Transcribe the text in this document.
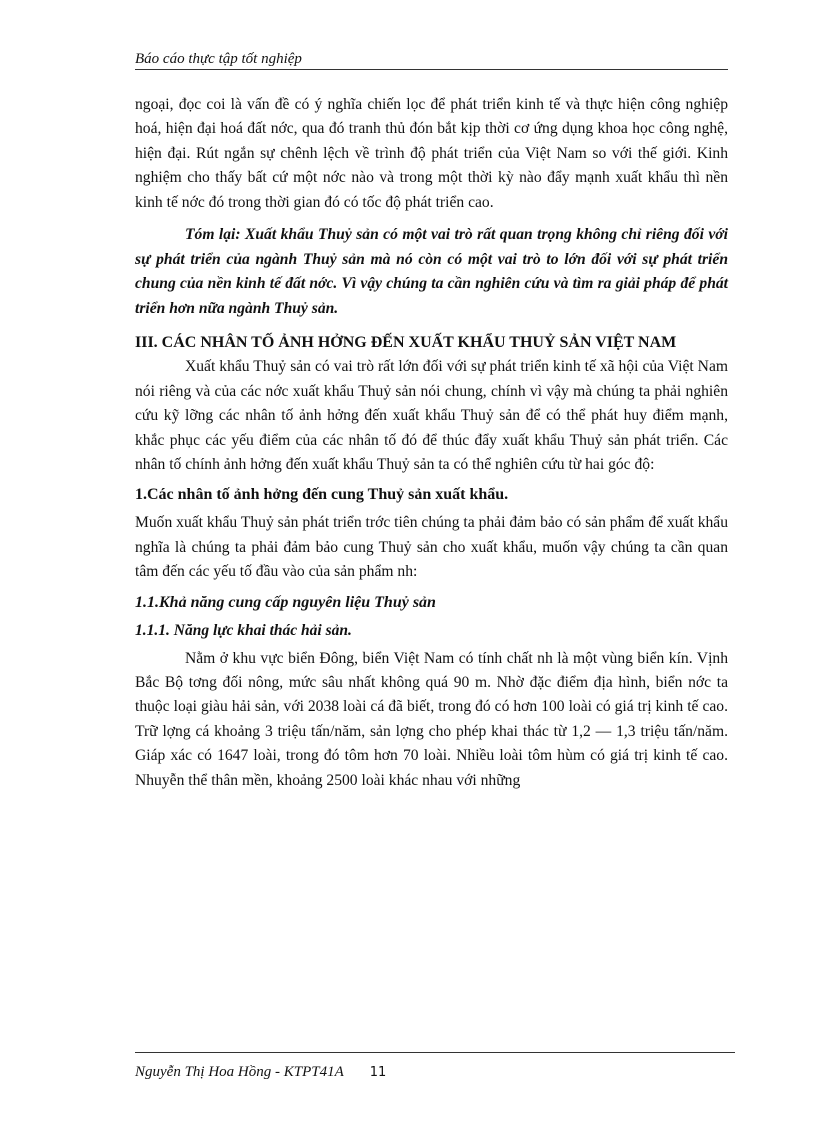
Báo cáo thực tập tốt nghiệp

ngoại, đọc coi là vấn đề có ý nghĩa chiến lọc để phát triển kinh tế và thực hiện công nghiệp hoá, hiện đại hoá đất nớc, qua đó tranh thủ đón bắt kịp thời cơ ứng dụng khoa học công nghệ, hiện đại. Rút ngắn sự chênh lệch về trình độ phát triển của Việt Nam so với thế giới. Kinh nghiệm cho thấy bất cứ một nớc nào và trong một thời kỳ nào đẩy mạnh xuất khẩu thì nền kinh tế nớc đó trong thời gian đó có tốc độ phát triển cao.

Tóm lại: Xuất khẩu Thuỷ sản có một vai trò rất quan trọng không chỉ riêng đối với sự phát triển của ngành Thuỷ sản mà nó còn có một vai trò to lớn đối với sự phát triển chung của nền kinh tế đất nớc. Vì vậy chúng ta cần nghiên cứu và tìm ra giải pháp để phát triển hơn nữa ngành Thuỷ sản.

III. CÁC NHÂN TỐ ẢNH HỞNG ĐẾN XUẤT KHẨU THUỶ SẢN VIỆT NAM

Xuất khẩu Thuỷ sản có vai trò rất lớn đối với sự phát triển kinh tế xã hội của Việt Nam nói riêng và của các nớc xuất khẩu Thuỷ sản nói chung, chính vì vậy mà chúng ta phải nghiên cứu kỹ lỡng các nhân tố ảnh hởng đến xuất khẩu Thuỷ sản để có thể phát huy điểm mạnh, khắc phục các yếu điểm của các nhân tố đó để thúc đẩy xuất khẩu Thuỷ sản phát triển. Các nhân tố chính ảnh hởng đến xuất khẩu Thuỷ sản ta có thể nghiên cứu từ hai góc độ:

1.Các nhân tố ảnh hởng đến cung Thuỷ sản xuất khẩu.

Muốn xuất khẩu Thuỷ sản phát triển trớc tiên chúng ta phải đảm bảo có sản phẩm để xuất khẩu nghĩa là chúng ta phải đảm bảo cung Thuỷ sản cho xuất khẩu, muốn vậy chúng ta cần quan tâm đến các yếu tố đầu vào của sản phẩm nh:

1.1.Khả năng cung cấp nguyên liệu Thuỷ sản
1.1.1. Năng lực khai thác hải sản.

Nằm ở khu vực biển Đông, biển Việt Nam có tính chất nh là một vùng biển kín. Vịnh Bắc Bộ tơng đối nông, mức sâu nhất không quá 90 m. Nhờ đặc điểm địa hình, biển nớc ta thuộc loại giàu hải sản, với 2038 loài cá đã biết, trong đó có hơn 100 loài có giá trị kinh tế cao. Trữ lợng cá khoảng 3 triệu tấn/năm, sản lợng cho phép khai thác từ 1,2 — 1,3 triệu tấn/năm. Giáp xác có 1647 loài, trong đó tôm hơn 70 loài. Nhiều loài tôm hùm có giá trị kinh tế cao. Nhuyễn thể thân mền, khoảng 2500 loài khác nhau với những

Nguyễn Thị Hoa Hồng - KTPT41A 11
